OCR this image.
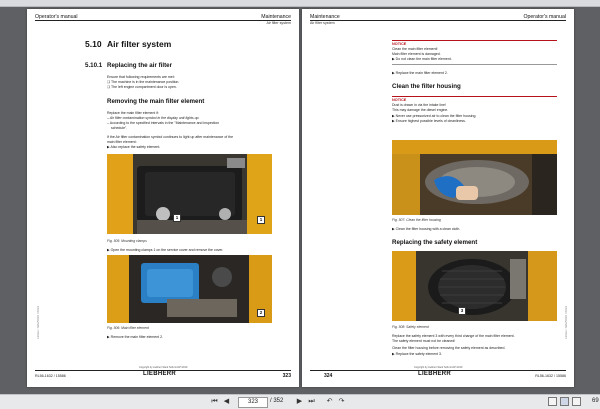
Operator's manual	Maintenance
Air filter system
5.10 Air filter system
5.10.1 Replacing the air filter
Ensure that following requirements are met:
❑ The machine is in the maintenance position.
❑ The left engine compartment door is open.
Removing the main filter element
Replace the main filter element if:
– Air filter contamination symbol in the display unit lights up.
– According to the specified intervals in the "Maintenance and inspection
schedule".
If the Air filter contamination symbol continues to light up after maintenance of the
main filter element:
▶ Also replace the safety element.
1	1
Fig. 505: Mounting clamps
▶ Open the mounting clamps 1 on the service cover and remove the cover.
2
Fig. 506: Main filter element
▶ Remove the main filter element 2.
Libherr-Telfs/5030 / 0022
RL56-1632 / 15586
Copyright by Liebherr-Werk Telfs GmbH 2019
LIEBHERR	323
Maintenance
Air filter system
Operator's manual
NOTICE
Clean the main filter element!
Main filter element is damaged.
▶ Do not clean the main filter element.
▶ Replace the main filter element 2.
Clean the filter housing
NOTICE
Dust is drawn in via the intake line!
This may damage the diesel engine.
▶ Never use pressurized air to clean the filter housing.
▶ Ensure highest possible levels of cleanliness.
Fig. 507: Clean the filter housing
▶ Clean the filter housing with a clean cloth.
Replacing the safety element
3
Fig. 508: Safety element
Replace the safety element 3 with every third change of the main filter element.
The safety element must not be cleaned!
Clean the filter housing before removing the safety element as described.
▶ Replace the safety element 3.
Libherr-Telfs/5030 / 0022
324
Copyright by Liebherr-Werk Telfs GmbH 2019
LIEBHERR	RL56-1632 / 15586
⏮ ◀	323	/ 352 ▶ ⏭ ↶ ↷	69
